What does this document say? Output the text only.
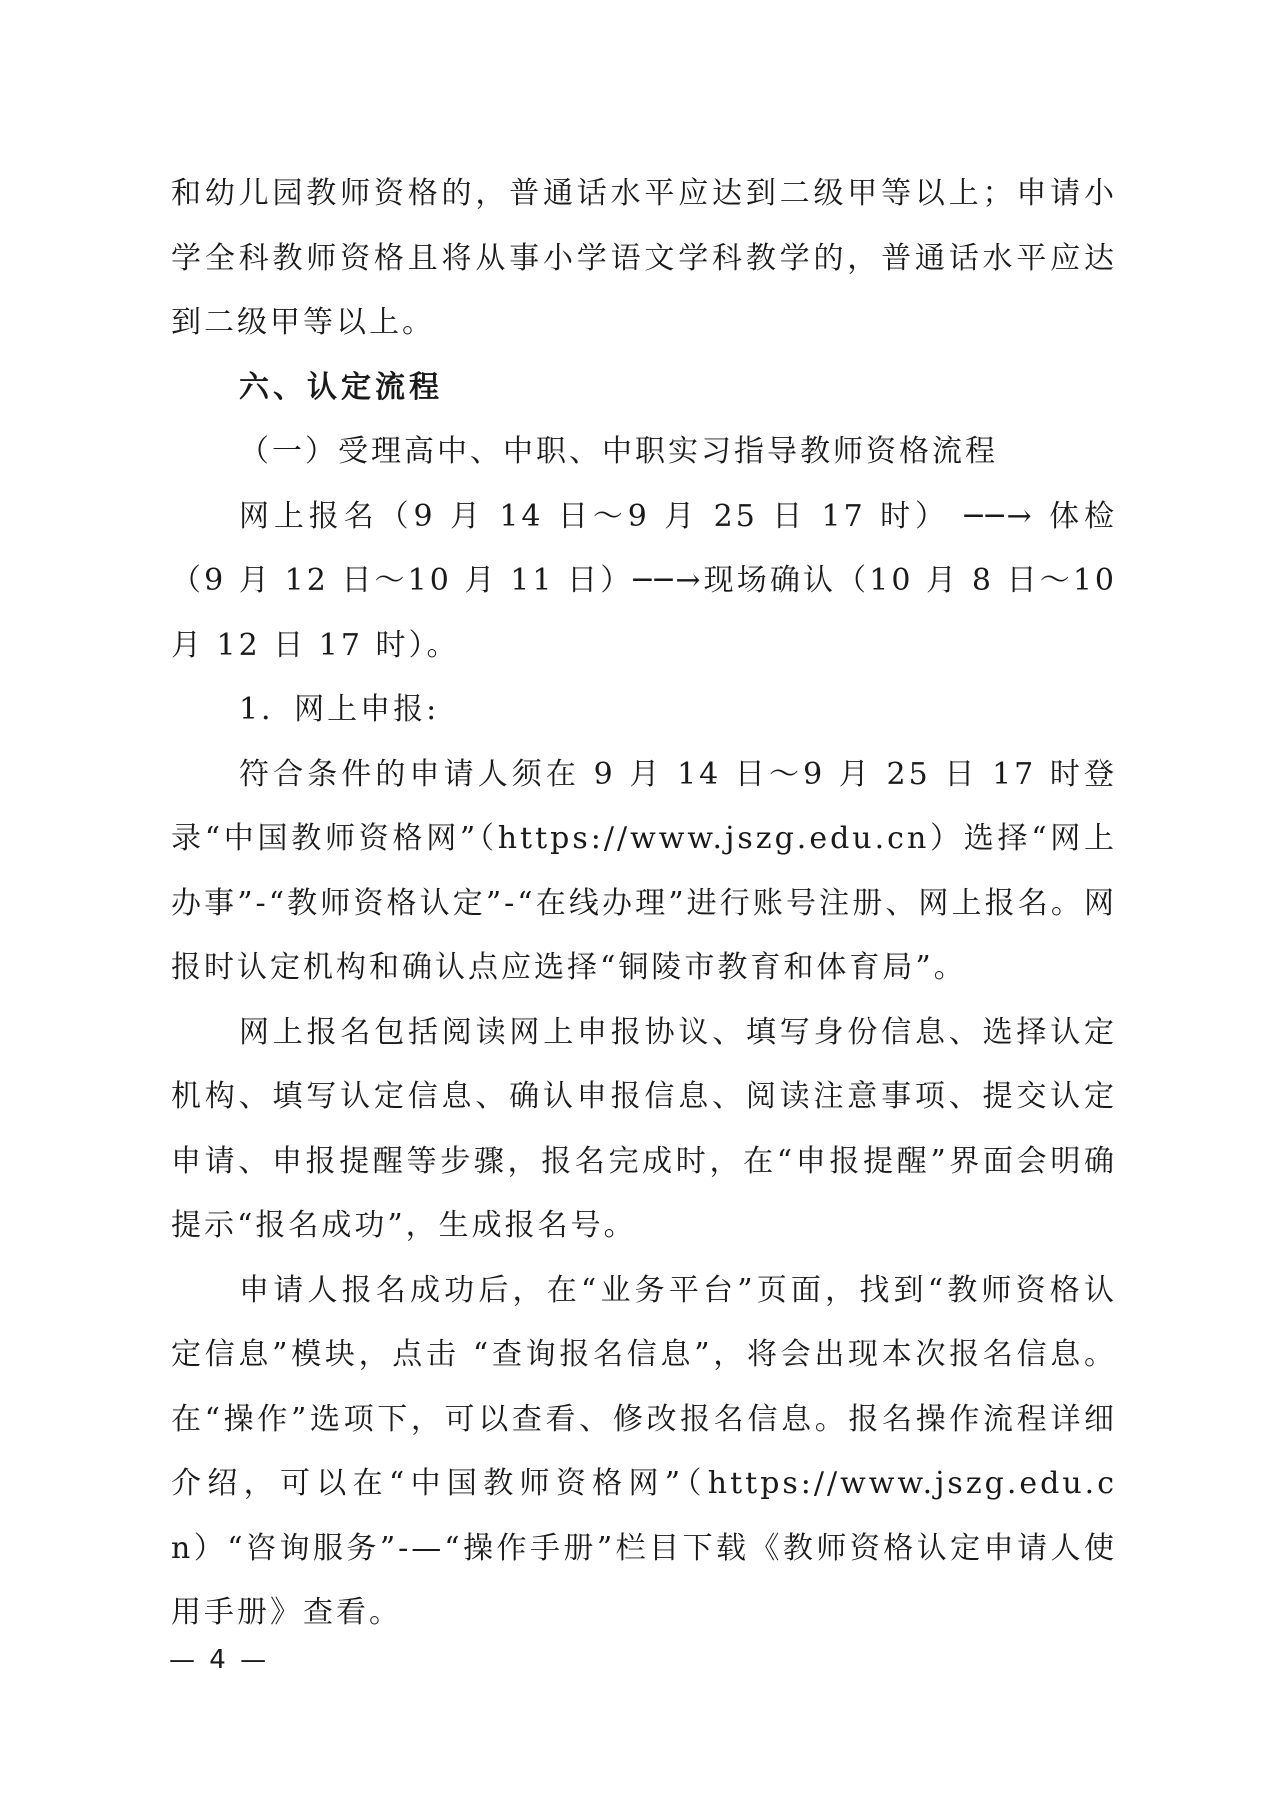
和幼儿园教师资格的，普通话水平应达到二级甲等以上；申请小学全科教师资格且将从事小学语文学科教学的，普通话水平应达到二级甲等以上。

六、认定流程

（一）受理高中、中职、中职实习指导教师资格流程

网上报名（9 月 14 日～9 月 25 日 17 时） ──→ 体检（9 月 12 日～10 月 11 日）──→现场确认（10 月 8 日～10 月 12 日 17 时）。

1．网上申报:

符合条件的申请人须在 9 月 14 日～9 月 25 日 17 时登录“中国教师资格网”（https://www.jszg.edu.cn）选择“网上办事”-“教师资格认定”-“在线办理”进行账号注册、网上报名。网报时认定机构和确认点应选择“铜陵市教育和体育局”。

网上报名包括阅读网上申报协议、填写身份信息、选择认定机构、填写认定信息、确认申报信息、阅读注意事项、提交认定申请、申报提醒等步骤，报名完成时，在“申报提醒”界面会明确提示“报名成功”，生成报名号。

申请人报名成功后，在“业务平台”页面，找到“教师资格认定信息”模块，点击 “查询报名信息”，将会出现本次报名信息。在“操作”选项下，可以查看、修改报名信息。报名操作流程详细介绍，可以在“中国教师资格网”（https://www.jszg.edu.cn）“咨询服务”-—“操作手册”栏目下载《教师资格认定申请人使用手册》查看。

— 4 —
